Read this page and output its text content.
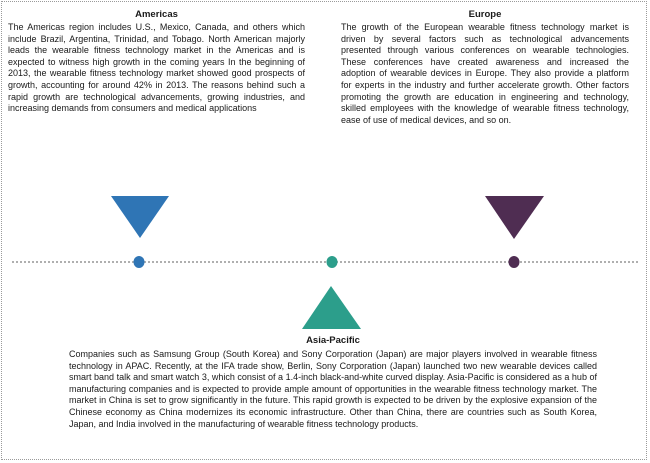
Americas
The Americas region includes U.S., Mexico, Canada, and others which include Brazil, Argentina, Trinidad, and Tobago. North American majorly leads the wearable fitness technology market in the Americas and is expected to witness high growth in the coming years In the beginning of 2013, the wearable fitness technology market showed good prospects of growth, accounting for around 42% in 2013. The reasons behind such a rapid growth are technological advancements, growing industries, and increasing demands from consumers and medical applications
Europe
The growth of the European wearable fitness technology market is driven by several factors such as technological advancements presented through various conferences on wearable technologies. These conferences have created awareness and increased the adoption of wearable devices in Europe. They also provide a platform for experts in the industry and further accelerate growth. Other factors promoting the growth are education in engineering and technology, skilled employees with the knowledge of wearable fitness technology, ease of use of medical devices, and so on.
Asia-Pacific
Companies such as Samsung Group (South Korea) and Sony Corporation (Japan) are major players involved in wearable fitness technology in APAC. Recently, at the IFA trade show, Berlin, Sony Corporation (Japan) launched two new wearable devices called smart band talk and smart watch 3, which consist of a 1.4-inch black-and-white curved display. Asia-Pacific is considered as a hub of manufacturing companies and is expected to provide ample amount of opportunities in the wearable fitness technology market. The market in China is set to grow significantly in the future. This rapid growth is expected to be driven by the explosive expansion of the Chinese economy as China modernizes its economic infrastructure. Other than China, there are countries such as South Korea, Japan, and India involved in the manufacturing of wearable fitness technology products.
